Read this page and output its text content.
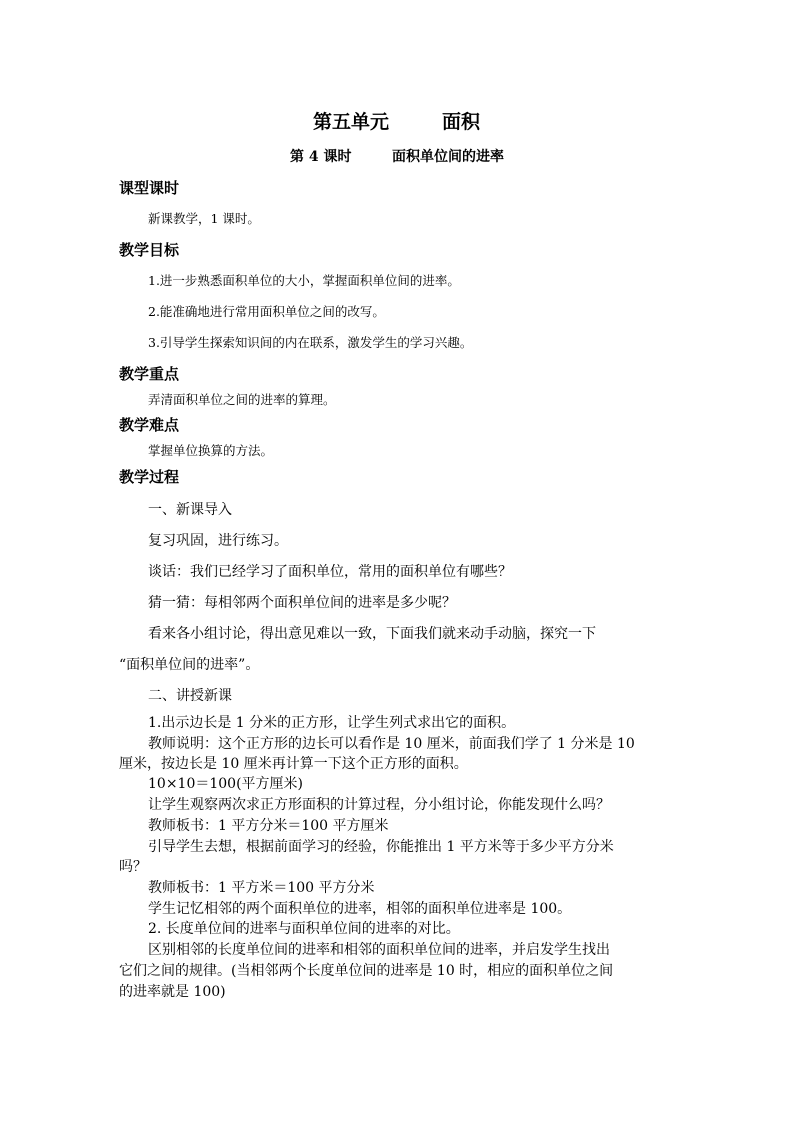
第五单元	面积
第 4 课时	面积单位间的进率
课型课时
新课教学，1 课时。
教学目标
1.进一步熟悉面积单位的大小，掌握面积单位间的进率。
2.能准确地进行常用面积单位之间的改写。
3.引导学生探索知识间的内在联系，激发学生的学习兴趣。
教学重点
弄清面积单位之间的进率的算理。
教学难点
掌握单位换算的方法。
教学过程
一、新课导入
复习巩固，进行练习。
谈话：我们已经学习了面积单位，常用的面积单位有哪些？
猜一猜：每相邻两个面积单位间的进率是多少呢？
看来各小组讨论，得出意见难以一致，下面我们就来动手动脑，探究一下
“面积单位间的进率”。
二、讲授新课
1.出示边长是 1 分米的正方形，让学生列式求出它的面积。
教师说明：这个正方形的边长可以看作是 10 厘米，前面我们学了 1 分米是 10
厘米，按边长是 10 厘米再计算一下这个正方形的面积。
10×10＝100(平方厘米)
让学生观察两次求正方形面积的计算过程，分小组讨论，你能发现什么吗？
教师板书：1 平方分米＝100 平方厘米
引导学生去想，根据前面学习的经验，你能推出 1 平方米等于多少平方分米
吗？
教师板书：1 平方米＝100 平方分米
学生记忆相邻的两个面积单位的进率，相邻的面积单位进率是 100。
2. 长度单位间的进率与面积单位间的进率的对比。
区别相邻的长度单位间的进率和相邻的面积单位间的进率，并启发学生找出
它们之间的规律。(当相邻两个长度单位间的进率是 10 时，相应的面积单位之间
的进率就是 100)
